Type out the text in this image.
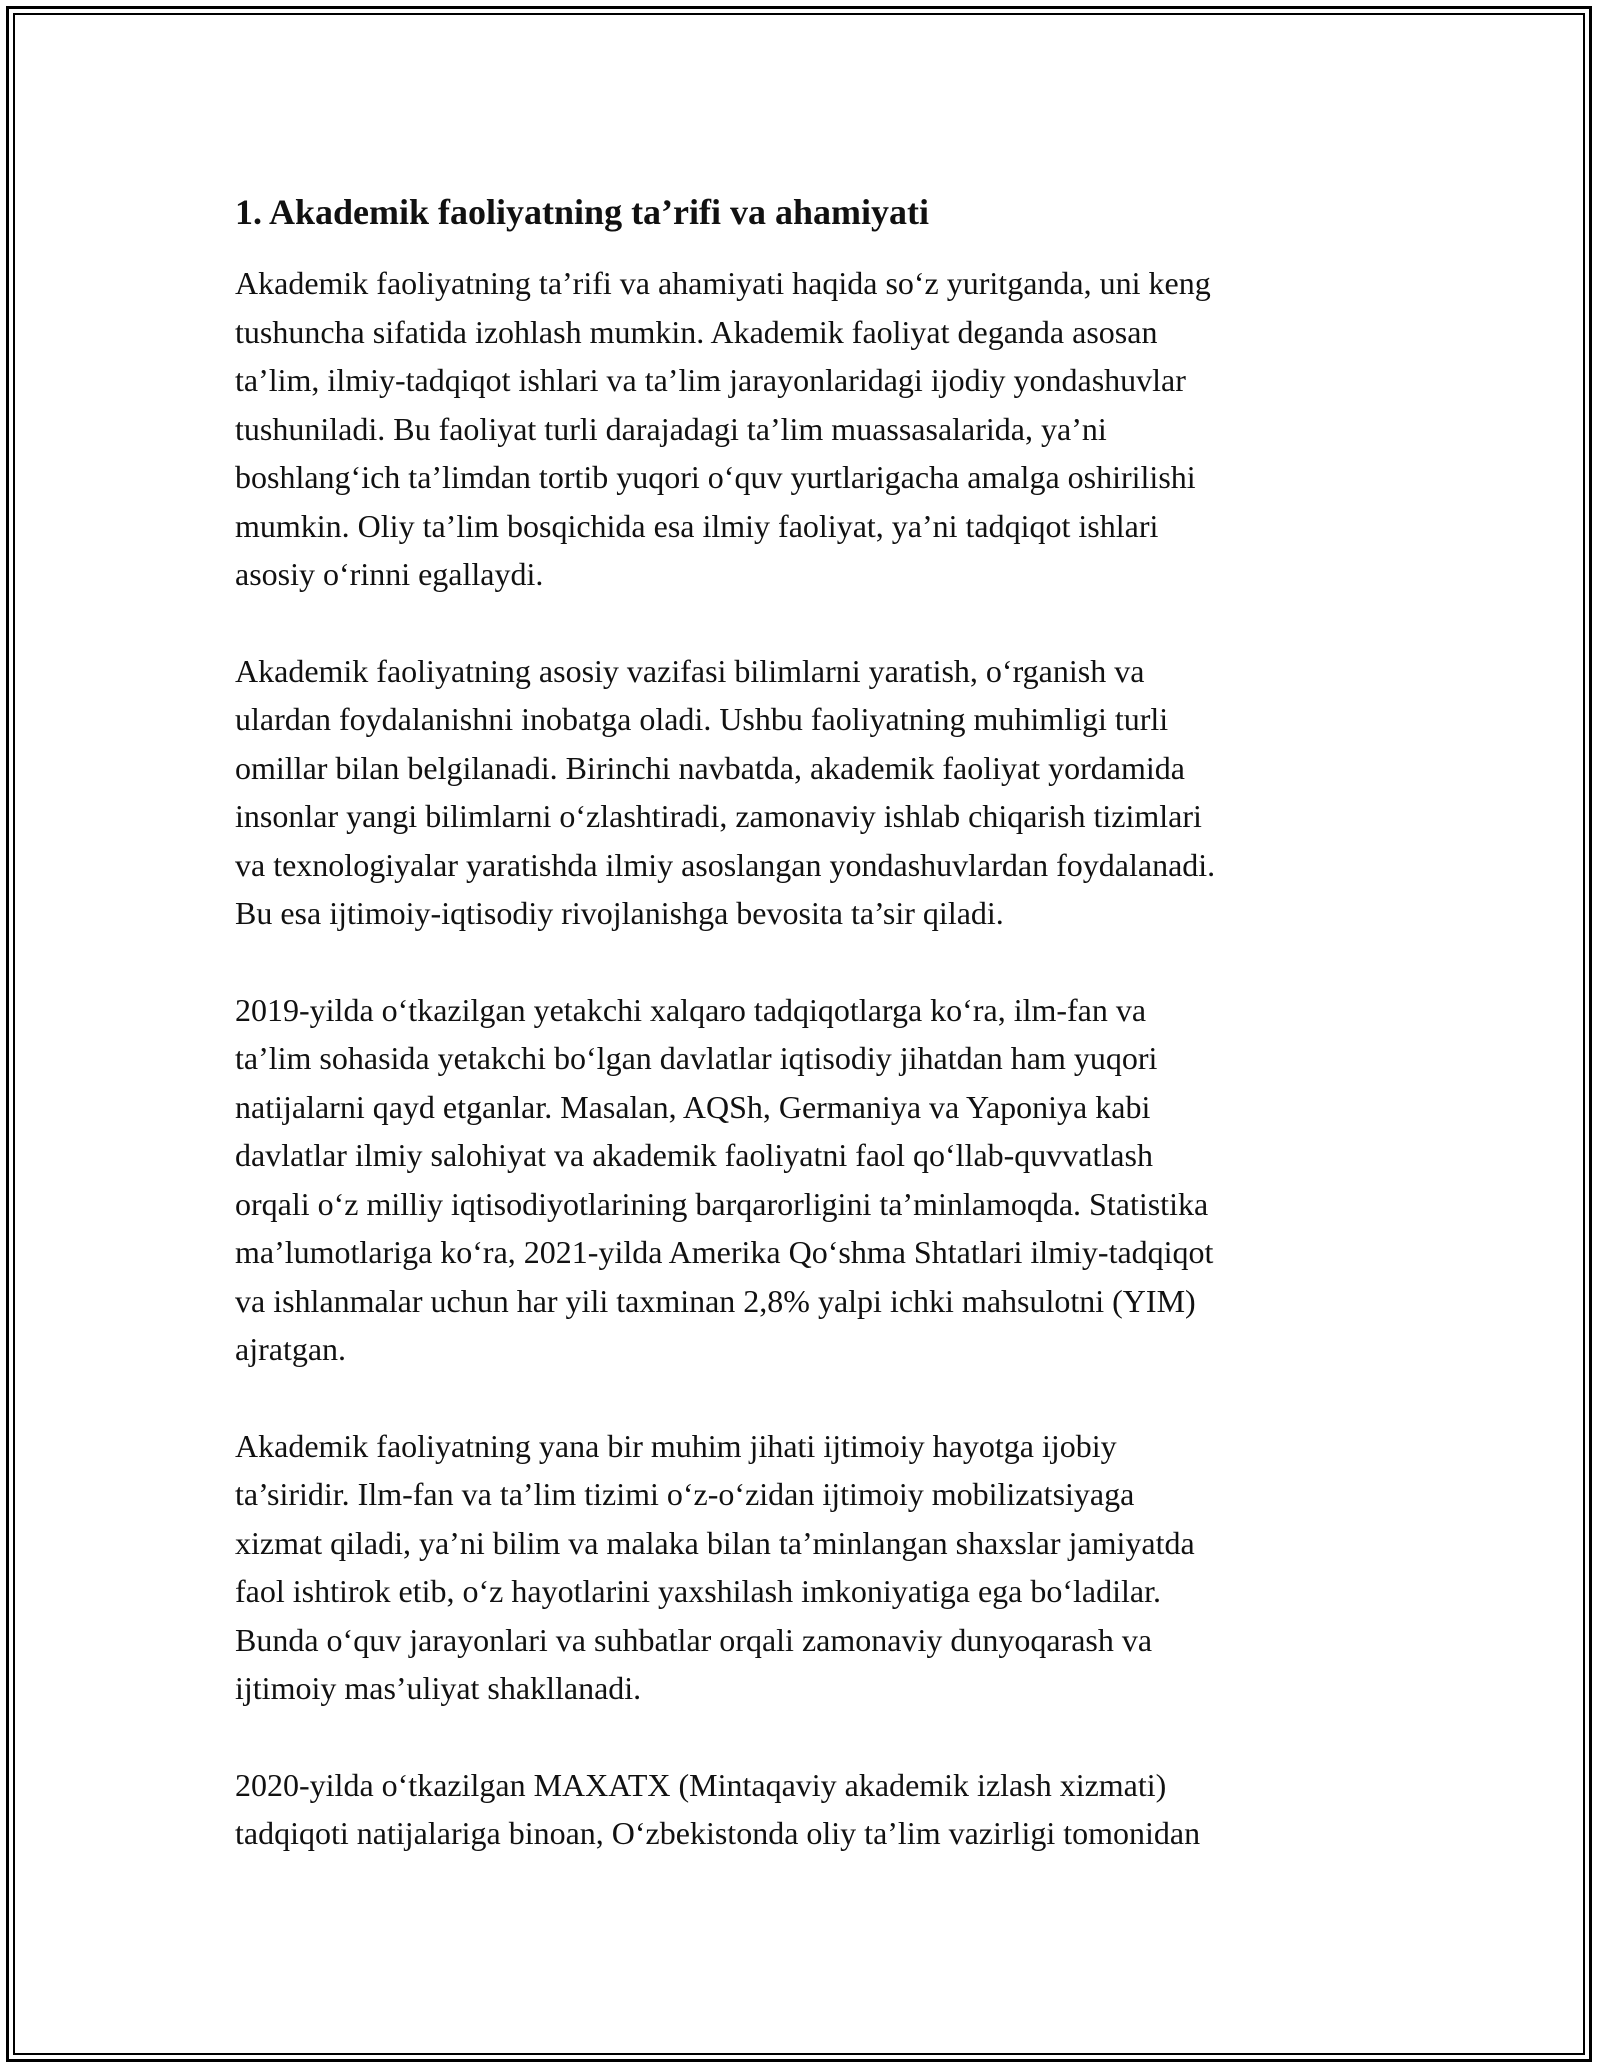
1. Akademik faoliyatning ta’rifi va ahamiyati

Akademik faoliyatning ta’rifi va ahamiyati haqida so‘z yuritganda, uni keng
tushuncha sifatida izohlash mumkin. Akademik faoliyat deganda asosan
ta’lim, ilmiy-tadqiqot ishlari va ta’lim jarayonlaridagi ijodiy yondashuvlar
tushuniladi. Bu faoliyat turli darajadagi ta’lim muassasalarida, ya’ni
boshlang‘ich ta’limdan tortib yuqori o‘quv yurtlarigacha amalga oshirilishi
mumkin. Oliy ta’lim bosqichida esa ilmiy faoliyat, ya’ni tadqiqot ishlari
asosiy o‘rinni egallaydi.

Akademik faoliyatning asosiy vazifasi bilimlarni yaratish, o‘rganish va
ulardan foydalanishni inobatga oladi. Ushbu faoliyatning muhimligi turli
omillar bilan belgilanadi. Birinchi navbatda, akademik faoliyat yordamida
insonlar yangi bilimlarni o‘zlashtiradi, zamonaviy ishlab chiqarish tizimlari
va texnologiyalar yaratishda ilmiy asoslangan yondashuvlardan foydalanadi.
Bu esa ijtimoiy-iqtisodiy rivojlanishga bevosita ta’sir qiladi.

2019-yilda o‘tkazilgan yetakchi xalqaro tadqiqotlarga ko‘ra, ilm-fan va
ta’lim sohasida yetakchi bo‘lgan davlatlar iqtisodiy jihatdan ham yuqori
natijalarni qayd etganlar. Masalan, AQSh, Germaniya va Yaponiya kabi
davlatlar ilmiy salohiyat va akademik faoliyatni faol qo‘llab-quvvatlash
orqali o‘z milliy iqtisodiyotlarining barqarorligini ta’minlamoqda. Statistika
ma’lumotlariga ko‘ra, 2021-yilda Amerika Qo‘shma Shtatlari ilmiy-tadqiqot
va ishlanmalar uchun har yili taxminan 2,8% yalpi ichki mahsulotni (YIM)
ajratgan.

Akademik faoliyatning yana bir muhim jihati ijtimoiy hayotga ijobiy
ta’siridir. Ilm-fan va ta’lim tizimi o‘z-o‘zidan ijtimoiy mobilizatsiyaga
xizmat qiladi, ya’ni bilim va malaka bilan ta’minlangan shaxslar jamiyatda
faol ishtirok etib, o‘z hayotlarini yaxshilash imkoniyatiga ega bo‘ladilar.
Bunda o‘quv jarayonlari va suhbatlar orqali zamonaviy dunyoqarash va
ijtimoiy mas’uliyat shakllanadi.

2020-yilda o‘tkazilgan MAXATX (Mintaqaviy akademik izlash xizmati)
tadqiqoti natijalariga binoan, O‘zbekistonda oliy ta’lim vazirligi tomonidan
